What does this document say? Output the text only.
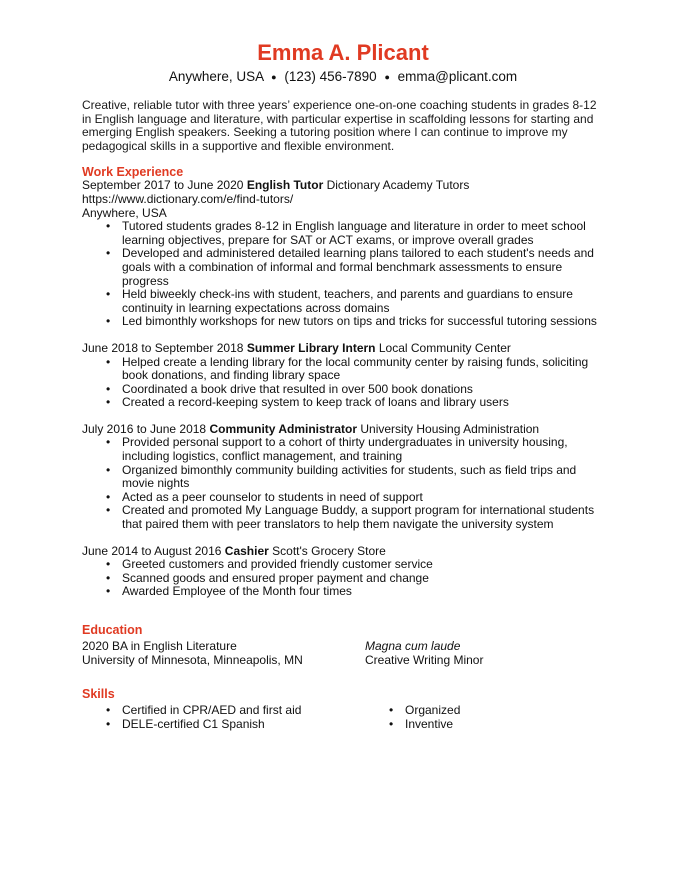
Emma A. Plicant
Anywhere, USA ● (123) 456-7890 ● emma@plicant.com

Creative, reliable tutor with three years’ experience one-on-one coaching students in grades 8-12 in English language and literature, with particular expertise in scaffolding lessons for starting and emerging English speakers. Seeking a tutoring position where I can continue to improve my pedagogical skills in a supportive and flexible environment.

Work Experience
September 2017 to June 2020 English Tutor Dictionary Academy Tutors
https://www.dictionary.com/e/find-tutors/
Anywhere, USA
• Tutored students grades 8-12 in English language and literature in order to meet school learning objectives, prepare for SAT or ACT exams, or improve overall grades
• Developed and administered detailed learning plans tailored to each student's needs and goals with a combination of informal and formal benchmark assessments to ensure progress
• Held biweekly check-ins with student, teachers, and parents and guardians to ensure continuity in learning expectations across domains
• Led bimonthly workshops for new tutors on tips and tricks for successful tutoring sessions
June 2018 to September 2018 Summer Library Intern Local Community Center
• Helped create a lending library for the local community center by raising funds, soliciting book donations, and finding library space
• Coordinated a book drive that resulted in over 500 book donations
• Created a record-keeping system to keep track of loans and library users
July 2016 to June 2018 Community Administrator University Housing Administration
• Provided personal support to a cohort of thirty undergraduates in university housing, including logistics, conflict management, and training
• Organized bimonthly community building activities for students, such as field trips and movie nights
• Acted as a peer counselor to students in need of support
• Created and promoted My Language Buddy, a support program for international students that paired them with peer translators to help them navigate the university system
June 2014 to August 2016 Cashier Scott's Grocery Store
• Greeted customers and provided friendly customer service
• Scanned goods and ensured proper payment and change
• Awarded Employee of the Month four times
Education
2020 BA in English Literature
University of Minnesota, Minneapolis, MN
Magna cum laude
Creative Writing Minor
Skills
• Certified in CPR/AED and first aid
• DELE-certified C1 Spanish
• Organized
• Inventive
